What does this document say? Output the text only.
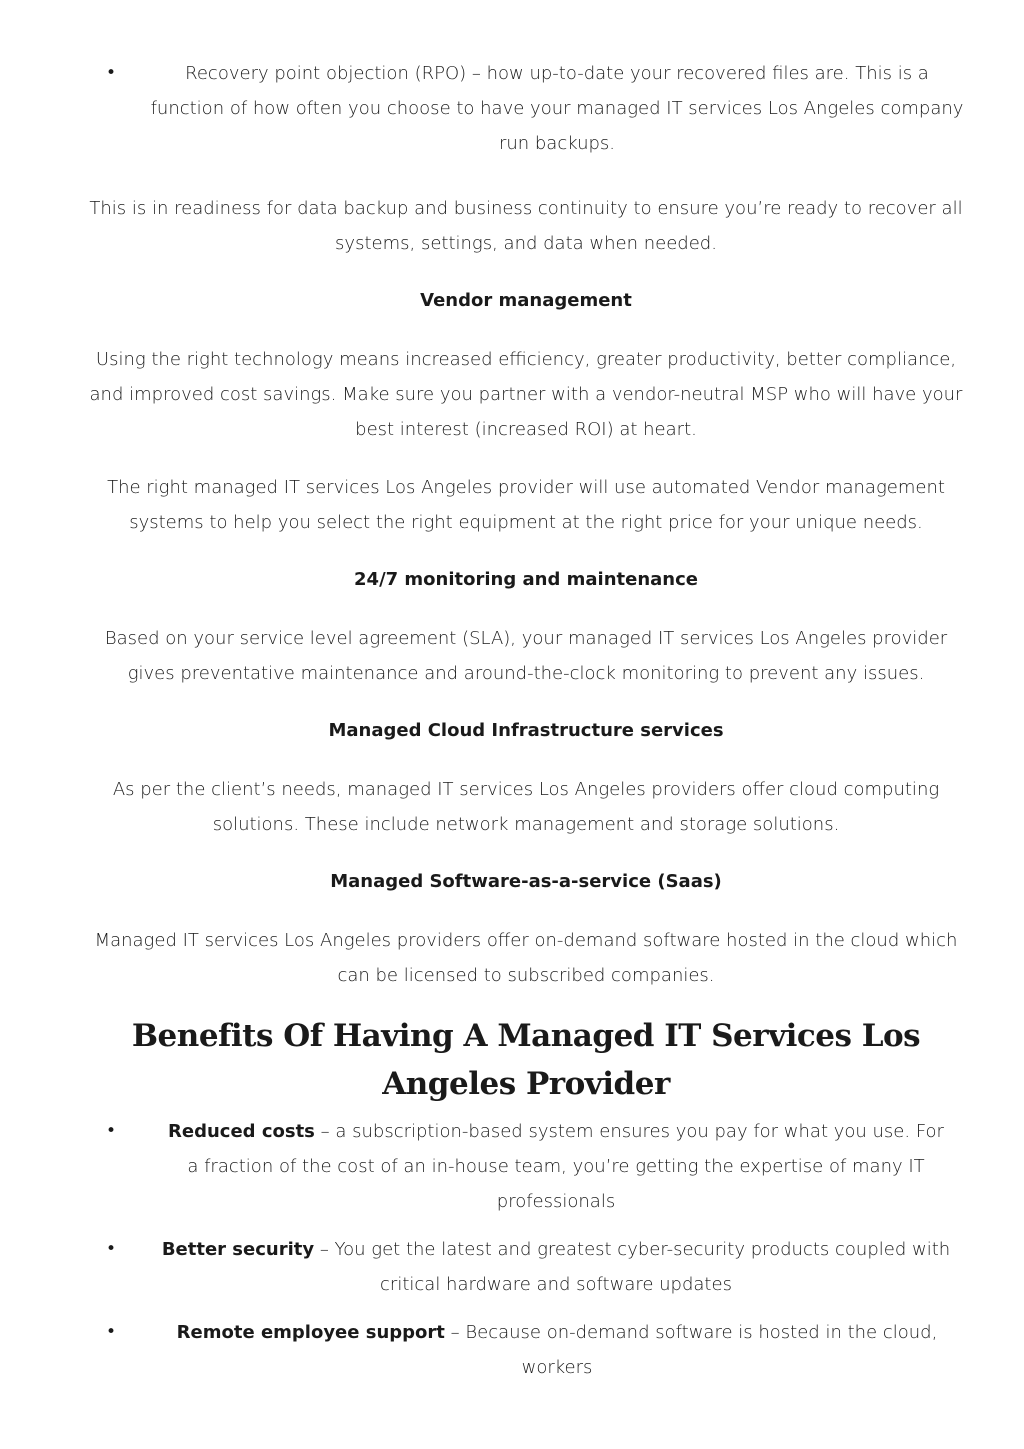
•	Recovery point objection (RPO) – how up-to-date your recovered files are. This is a function of how often you choose to have your managed IT services Los Angeles company run backups.

This is in readiness for data backup and business continuity to ensure you’re ready to recover all systems, settings, and data when needed.

Vendor management

Using the right technology means increased efficiency, greater productivity, better compliance, and improved cost savings. Make sure you partner with a vendor-neutral MSP who will have your best interest (increased ROI) at heart.

The right managed IT services Los Angeles provider will use automated Vendor management systems to help you select the right equipment at the right price for your unique needs.

24/7 monitoring and maintenance

Based on your service level agreement (SLA), your managed IT services Los Angeles provider gives preventative maintenance and around-the-clock monitoring to prevent any issues.

Managed Cloud Infrastructure services

As per the client’s needs, managed IT services Los Angeles providers offer cloud computing solutions. These include network management and storage solutions.

Managed Software-as-a-service (Saas)

Managed IT services Los Angeles providers offer on-demand software hosted in the cloud which can be licensed to subscribed companies.

Benefits Of Having A Managed IT Services Los Angeles Provider
•	Reduced costs – a subscription-based system ensures you pay for what you use. For a fraction of the cost of an in-house team, you’re getting the expertise of many IT professionals
•	Better security – You get the latest and greatest cyber-security products coupled with critical hardware and software updates
•	Remote employee support – Because on-demand software is hosted in the cloud, workers
